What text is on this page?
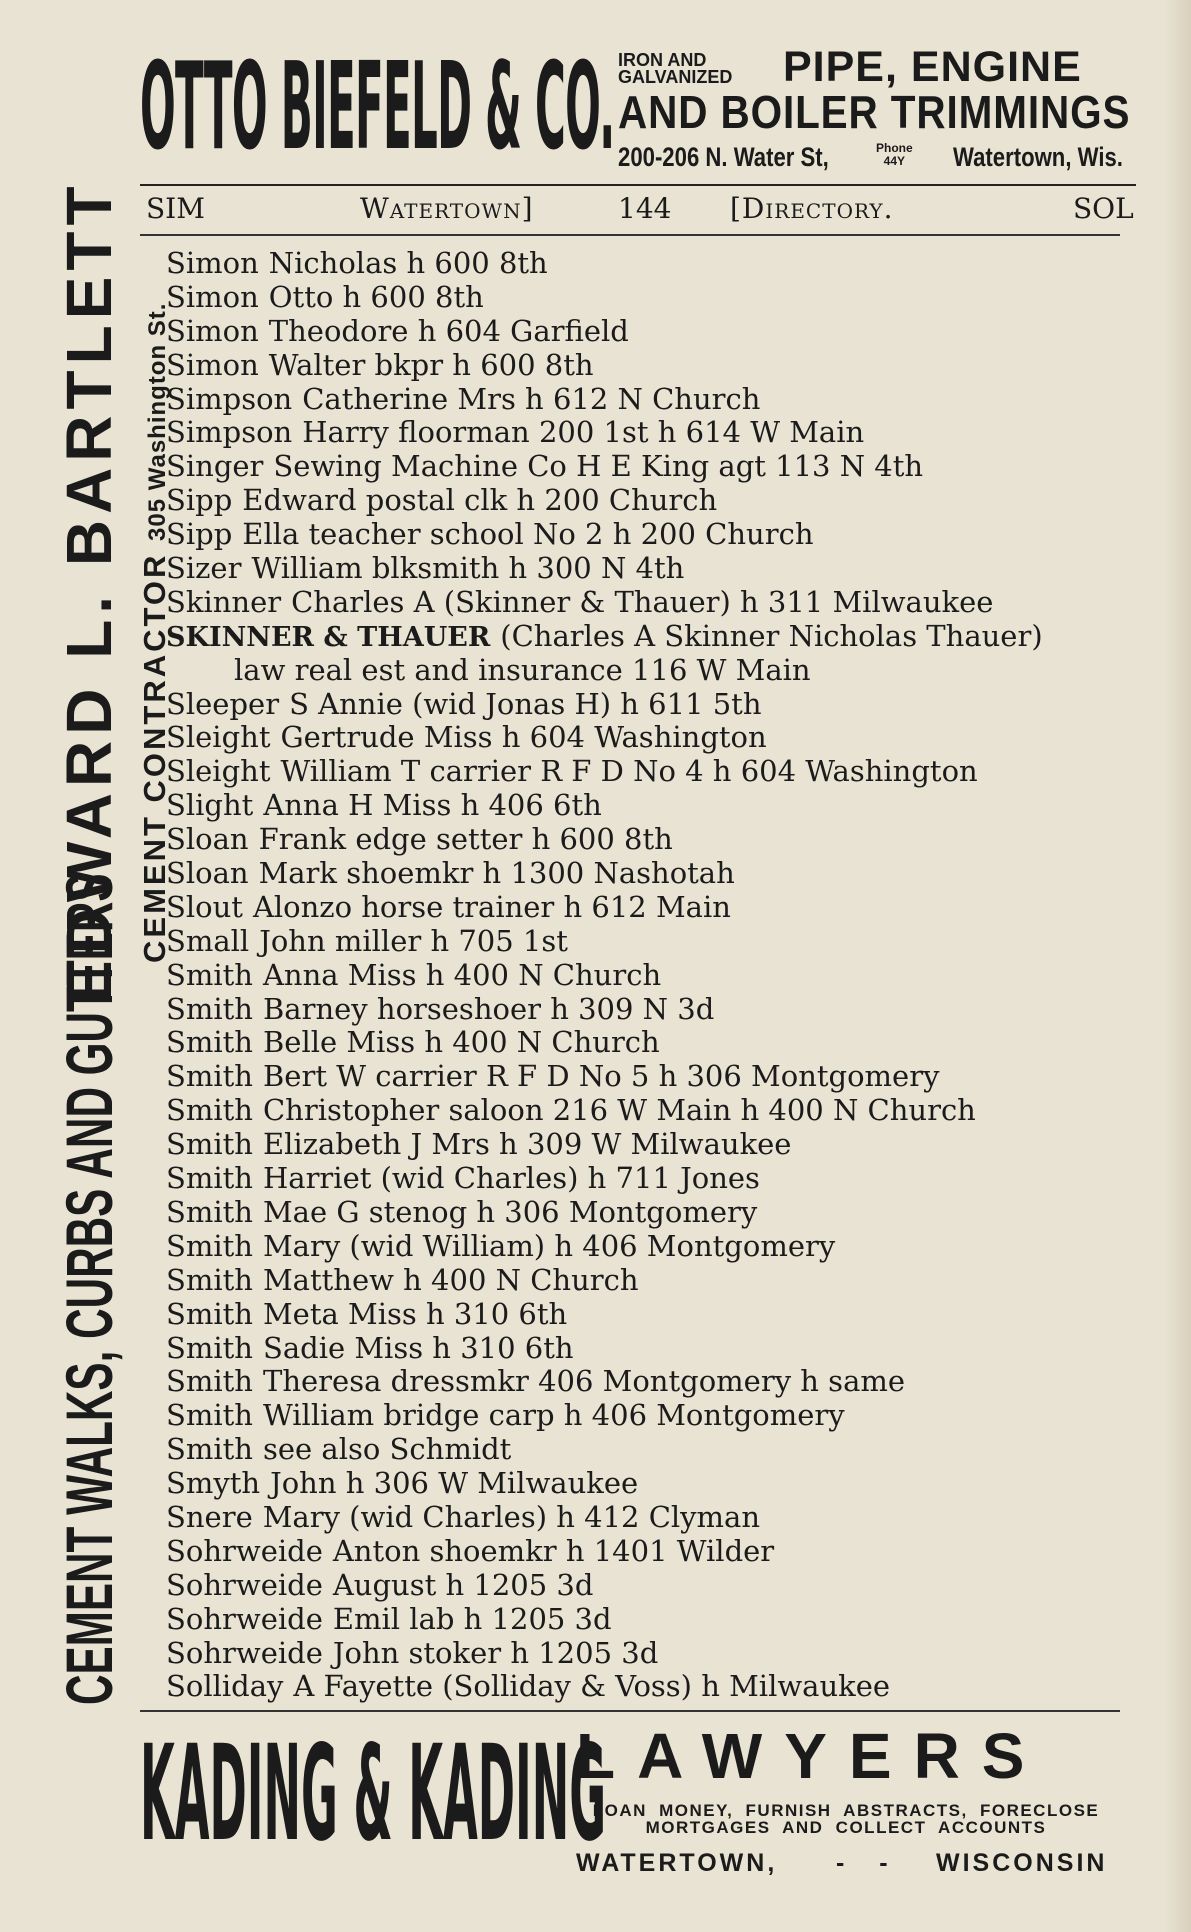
OTTO BIEFELD & CO. IRON AND
GALVANIZED	PIPE, ENGINE
AND BOILER TRIMMINGS
200-206 N. Water St,	Phone
44Y Watertown, Wis.
SIM	Watertown]	144 [Directory.	SOL
CEMENT WALKS, CURBS AND GUTTERS
EDWARD L. BARTLETT CEMENT CONTRACTOR 305 Washington St.
Simon Nicholas h 600 8th
Simon Otto h 600 8th
Simon Theodore h 604 Garfield
Simon Walter bkpr h 600 8th
Simpson Catherine Mrs h 612 N Church
Simpson Harry floorman 200 1st h 614 W Main
Singer Sewing Machine Co H E King agt 113 N 4th
Sipp Edward postal clk h 200 Church
Sipp Ella teacher school No 2 h 200 Church
Sizer William blksmith h 300 N 4th
Skinner Charles A (Skinner & Thauer) h 311 Milwaukee
SKINNER & THAUER (Charles A Skinner Nicholas Thauer)
law real est and insurance 116 W Main
Sleeper S Annie (wid Jonas H) h 611 5th
Sleight Gertrude Miss h 604 Washington
Sleight William T carrier R F D No 4 h 604 Washington
Slight Anna H Miss h 406 6th
Sloan Frank edge setter h 600 8th
Sloan Mark shoemkr h 1300 Nashotah
Slout Alonzo horse trainer h 612 Main
Small John miller h 705 1st
Smith Anna Miss h 400 N Church
Smith Barney horseshoer h 309 N 3d
Smith Belle Miss h 400 N Church
Smith Bert W carrier R F D No 5 h 306 Montgomery
Smith Christopher saloon 216 W Main h 400 N Church
Smith Elizabeth J Mrs h 309 W Milwaukee
Smith Harriet (wid Charles) h 711 Jones
Smith Mae G stenog h 306 Montgomery
Smith Mary (wid William) h 406 Montgomery
Smith Matthew h 400 N Church
Smith Meta Miss h 310 6th
Smith Sadie Miss h 310 6th
Smith Theresa dressmkr 406 Montgomery h same
Smith William bridge carp h 406 Montgomery
Smith see also Schmidt
Smyth John h 306 W Milwaukee
Snere Mary (wid Charles) h 412 Clyman
Sohrweide Anton shoemkr h 1401 Wilder
Sohrweide August h 1205 3d
Sohrweide Emil lab h 1205 3d
Sohrweide John stoker h 1205 3d
Solliday A Fayette (Solliday & Voss) h Milwaukee
KADING & KADING
LAWYERS
LOAN MONEY, FURNISH ABSTRACTS, FORECLOSE
MORTGAGES AND COLLECT ACCOUNTS
WATERTOWN, - - WISCONSIN
